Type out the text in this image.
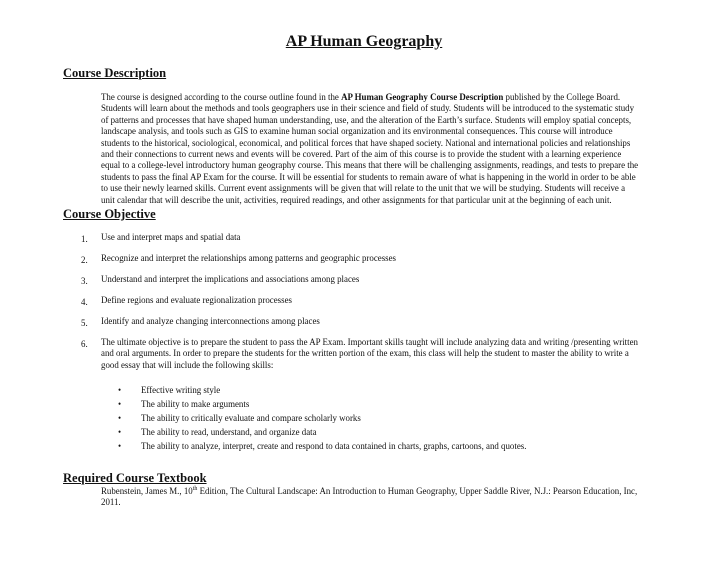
AP Human Geography
Course Description
The course is designed according to the course outline found in the AP Human Geography Course Description published by the College Board.
Students will learn about the methods and tools geographers use in their science and field of study. Students will be introduced to the systematic study
of patterns and processes that have shaped human understanding, use, and the alteration of the Earth’s surface. Students will employ spatial concepts,
landscape analysis, and tools such as GIS to examine human social organization and its environmental consequences. This course will introduce
students to the historical, sociological, economical, and political forces that have shaped society. National and international policies and relationships
and their connections to current news and events will be covered. Part of the aim of this course is to provide the student with a learning experience
equal to a college-level introductory human geography course. This means that there will be challenging assignments, readings, and tests to prepare the
students to pass the final AP Exam for the course. It will be essential for students to remain aware of what is happening in the world in order to be able
to use their newly learned skills. Current event assignments will be given that will relate to the unit that we will be studying. Students will receive a
unit calendar that will describe the unit, activities, required readings, and other assignments for that particular unit at the beginning of each unit.
Course Objective
1. Use and interpret maps and spatial data
2. Recognize and interpret the relationships among patterns and geographic processes
3. Understand and interpret the implications and associations among places
4. Define regions and evaluate regionalization processes
5. Identify and analyze changing interconnections among places
6. The ultimate objective is to prepare the student to pass the AP Exam. Important skills taught will include analyzing data and writing /presenting written
and oral arguments. In order to prepare the students for the written portion of the exam, this class will help the student to master the ability to write a
good essay that will include the following skills:
• Effective writing style
• The ability to make arguments
• The ability to critically evaluate and compare scholarly works
• The ability to read, understand, and organize data
• The ability to analyze, interpret, create and respond to data contained in charts, graphs, cartoons, and quotes.
Required Course Textbook
Rubenstein, James M., 10th Edition, The Cultural Landscape: An Introduction to Human Geography, Upper Saddle River, N.J.: Pearson Education, Inc,
2011.
